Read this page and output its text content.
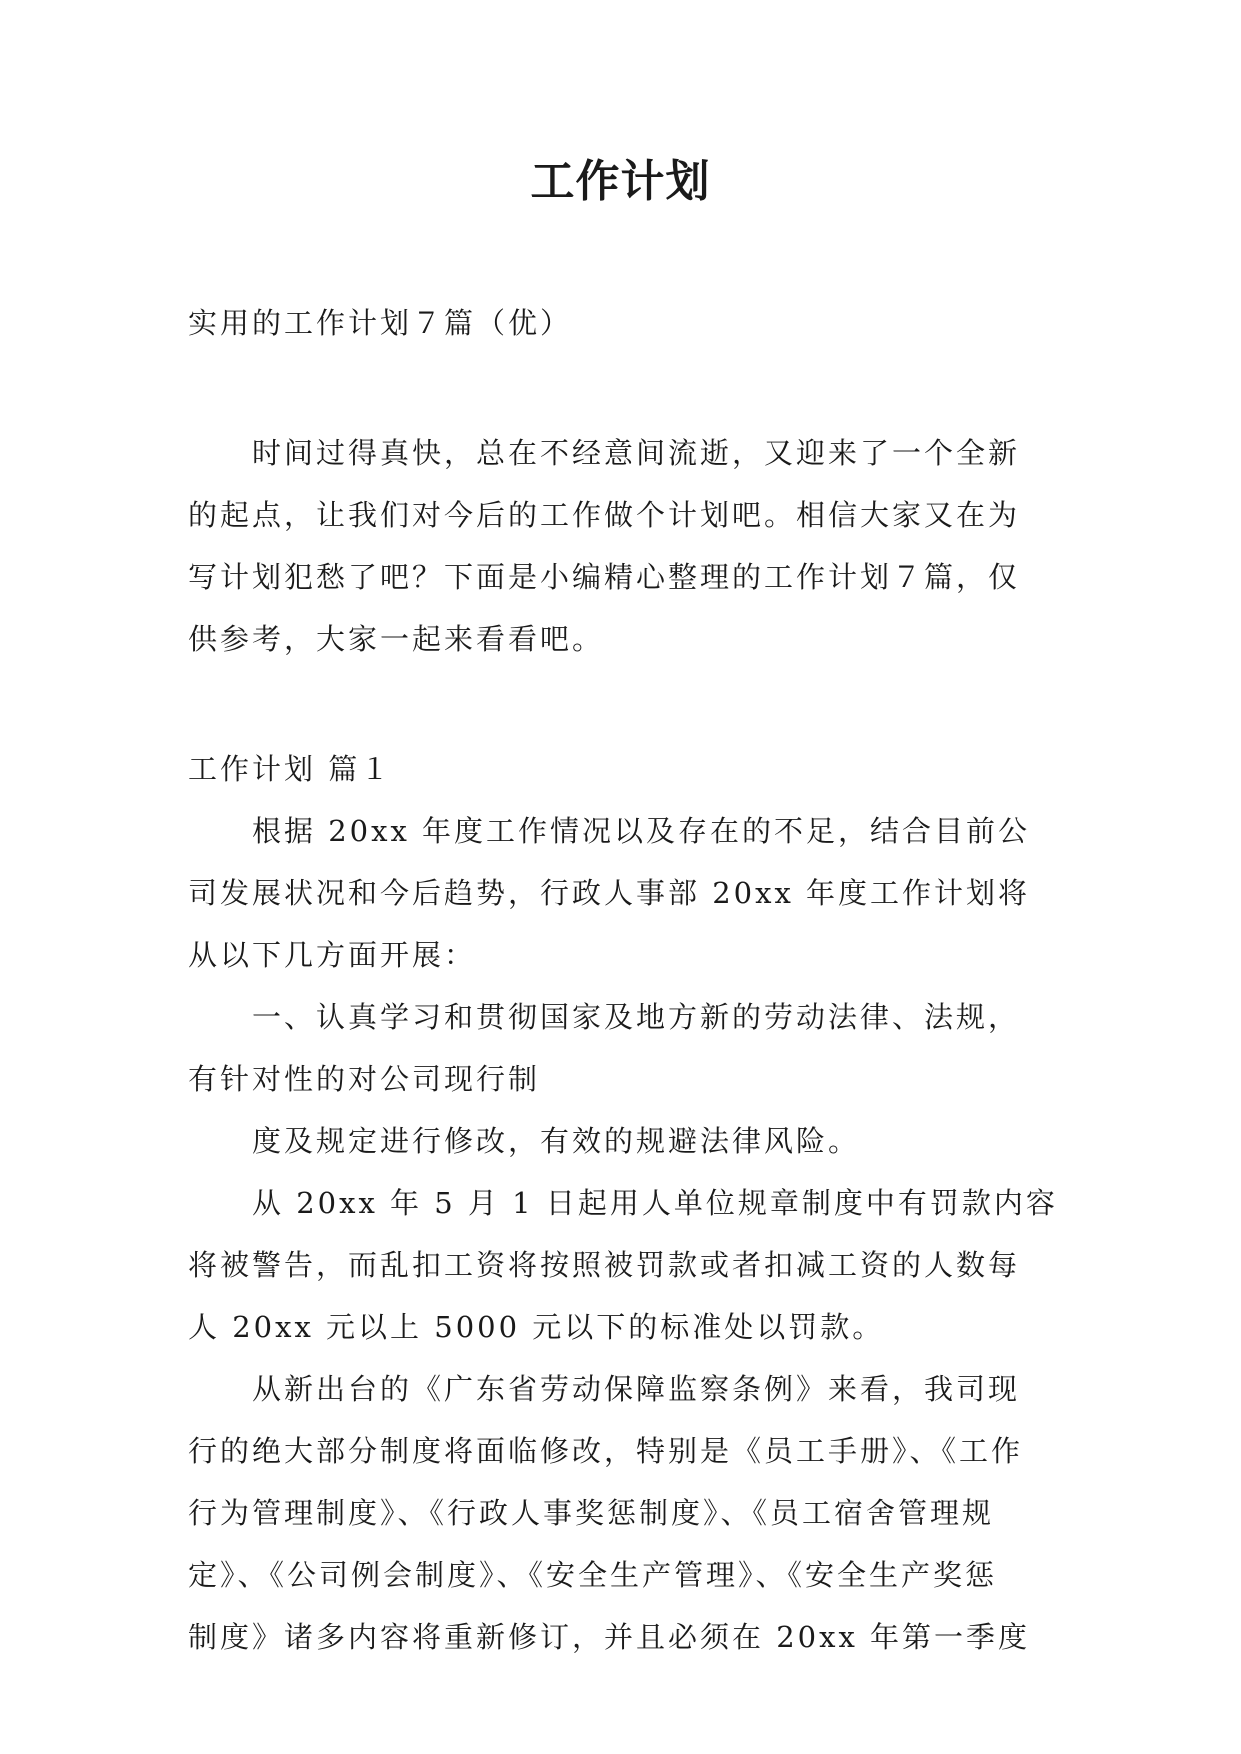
工作计划

实用的工作计划７篇（优）

时间过得真快，总在不经意间流逝，又迎来了一个全新

的起点，让我们对今后的工作做个计划吧。相信大家又在为

写计划犯愁了吧？下面是小编精心整理的工作计划７篇，仅

供参考，大家一起来看看吧。

工作计划 篇１

根据 20xx 年度工作情况以及存在的不足，结合目前公

司发展状况和今后趋势，行政人事部 20xx 年度工作计划将

从以下几方面开展：

一、认真学习和贯彻国家及地方新的劳动法律、法规，

有针对性的对公司现行制

度及规定进行修改，有效的规避法律风险。

从 20xx 年 5 月 1 日起用人单位规章制度中有罚款内容

将被警告，而乱扣工资将按照被罚款或者扣减工资的人数每

人 20xx 元以上 5000 元以下的标准处以罚款。

从新出台的《广东省劳动保障监察条例》来看，我司现

行的绝大部分制度将面临修改，特别是《员工手册》、《工作

行为管理制度》、《行政人事奖惩制度》、《员工宿舍管理规

定》、《公司例会制度》、《安全生产管理》、《安全生产奖惩

制度》诸多内容将重新修订，并且必须在 20xx 年第一季度
